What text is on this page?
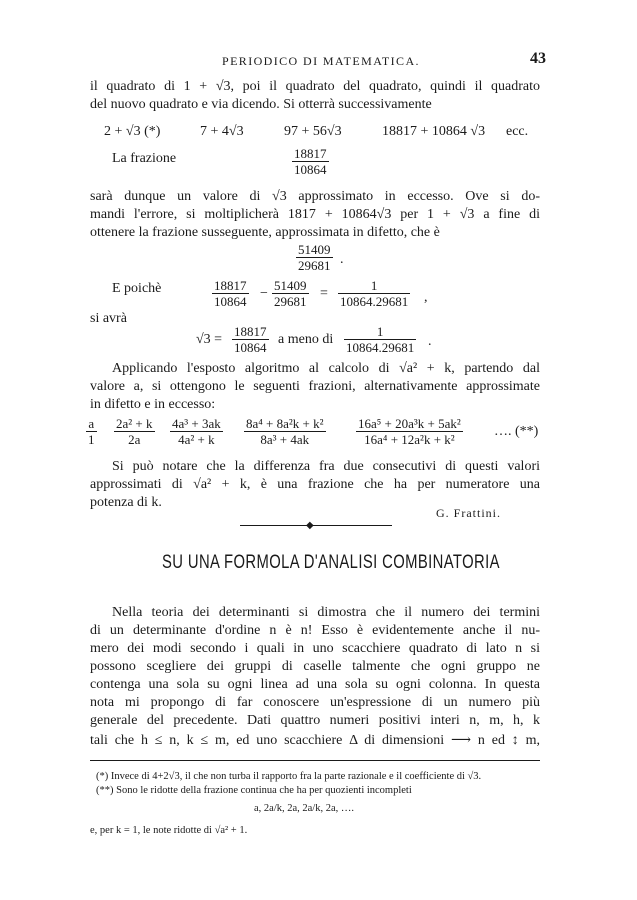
PERIODICO DI MATEMATICA.	43
il quadrato di 1 + √3, poi il quadrato del quadrato, quindi il quadrato
del nuovo quadrato e via dicendo. Si otterrà successivamente
2 + √3 (*)	7 + 4√3	97 + 56√3	18817 + 10864 √3 ecc.
La frazione	$\frac{18817}{10864}$
sarà dunque un valore di √3 approssimato in eccesso. Ove si do-
mandi l'errore, si moltiplicherà 1817 + 10864√3 per 1 + √3 a fine di
ottenere la frazione susseguente, approssimata in difetto, che è
$\frac{51409}{29681}$ .
E poichè	$\frac{18817}{10864} - \frac{51409}{29681} = \frac{1}{10864.29681}$ ,
si avrà
$√3 = \frac{18817}{10864}$ a meno di $\frac{1}{10864.29681}$ .
Applicando l'esposto algoritmo al calcolo di √a² + k, partendo dal
valore a, si ottengono le seguenti frazioni, alternativamente approssimate
in difetto e in eccesso:
$\frac{a}{1} \frac{\text{2a² + k}}{2a} \frac{\text{4a³ + 3ak}}{\text{4a² + k}} \frac{\text{8a⁴ + 8a²k + k²}}{\text{8a³ + 4ak}} \frac{\text{16a⁵ + 20a³k + 5ak²}}{\text{16a⁴ + 12a²k + k²}}$ …. (**)
Si può notare che la differenza fra due consecutivi di questi valori
approssimati di √a² + k, è una frazione che ha per numeratore una
potenza di k.
G. Frattini.
◆
SU UNA FORMOLA D'ANALISI COMBINATORIA
Nella teoria dei determinanti si dimostra che il numero dei termini
di un determinante d'ordine n è n! Esso è evidentemente anche il nu-
mero dei modi secondo i quali in uno scacchiere quadrato di lato n si
possono scegliere dei gruppi di caselle talmente che ogni gruppo ne
contenga una sola su ogni linea ad una sola su ogni colonna. In questa
nota mi propongo di far conoscere un'espressione di un numero più
generale del precedente. Dati quattro numeri positivi interi n, m, h, k
tali che h ≤ n, k ≤ m, ed uno scacchiere Δ di dimensioni ⟶ n ed ↕ m,
(*) Invece di 4+2√3, il che non turba il rapporto fra la parte razionale e il coefficiente di √3.
(**) Sono le ridotte della frazione continua che ha per quozienti incompleti
a, 2a/k, 2a, 2a/k, 2a, ….
e, per k = 1, le note ridotte di √a² + 1.
